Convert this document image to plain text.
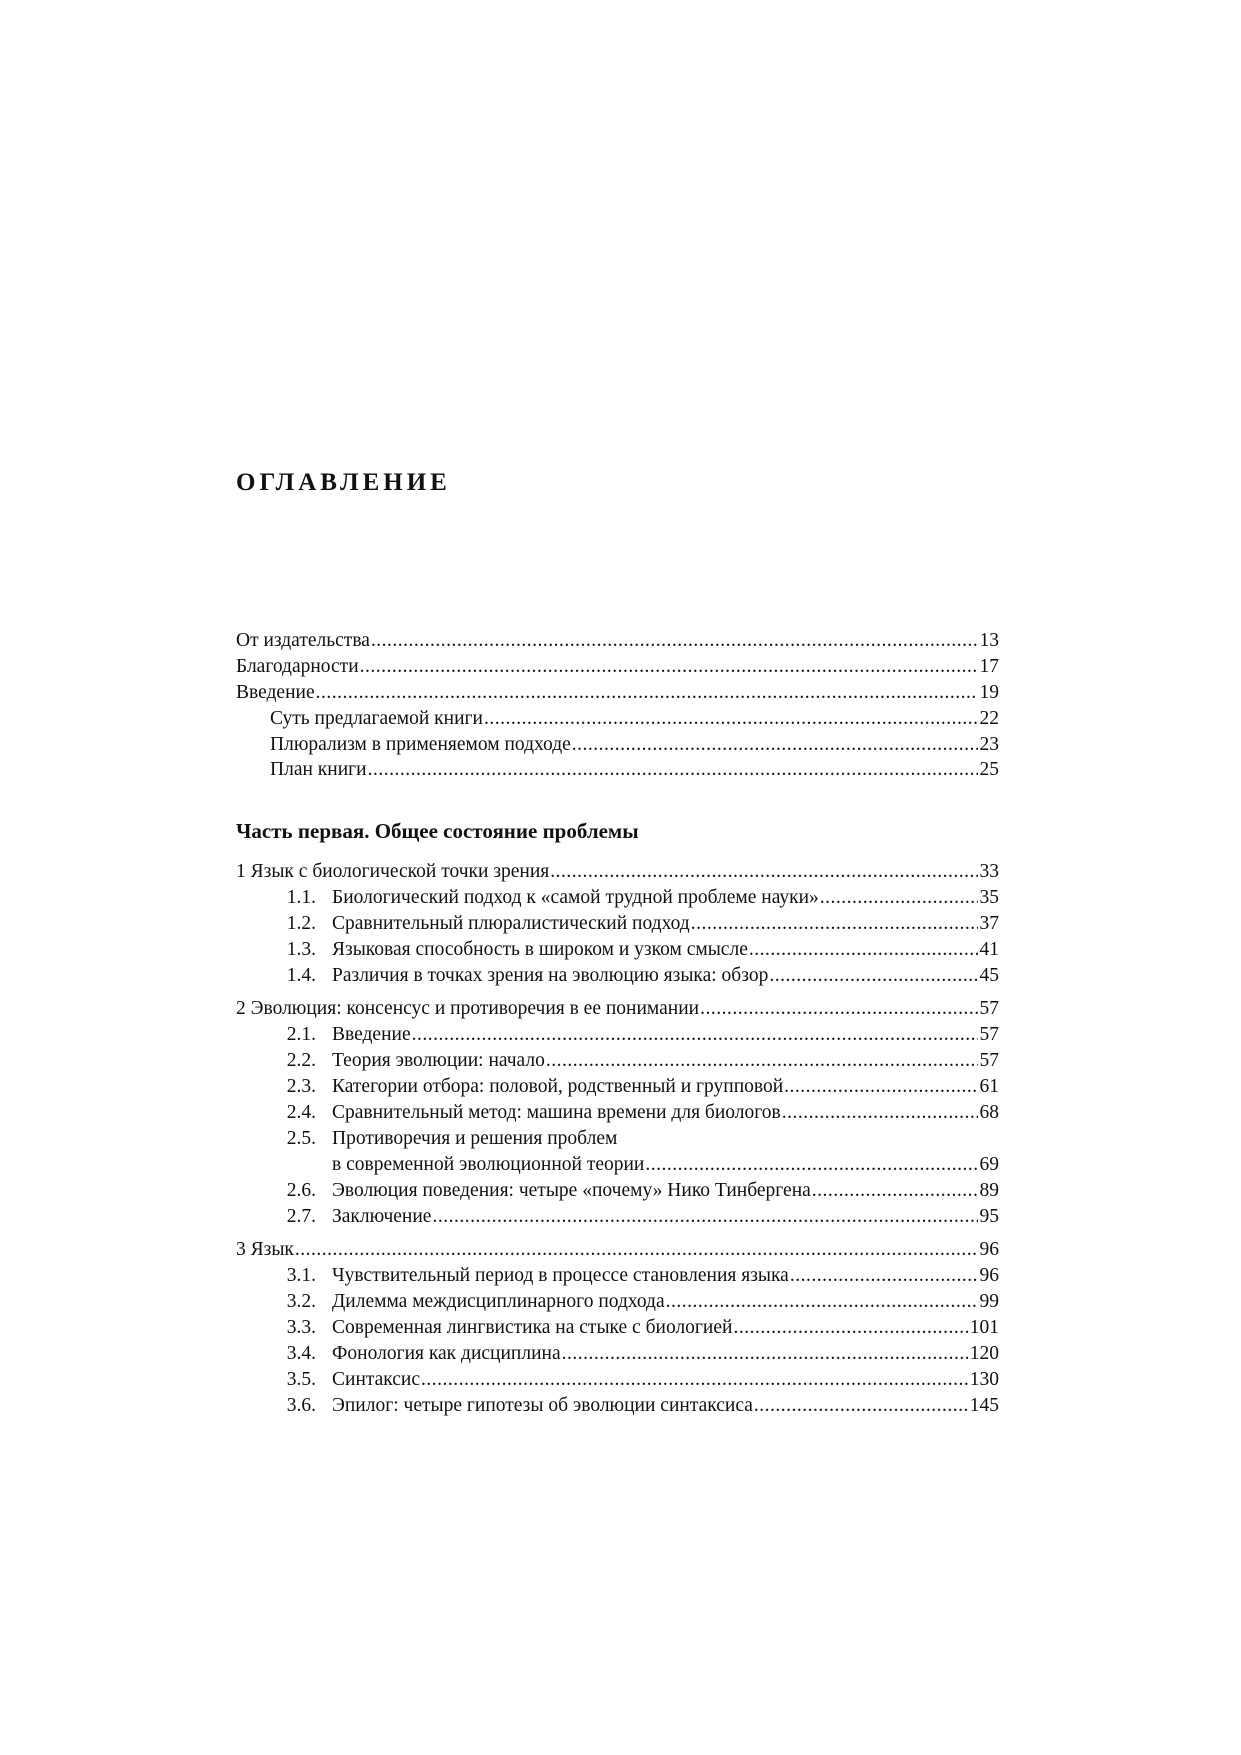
ОГЛАВЛЕНИЕ
От издательства .....	13
Благодарности .....	17
Введение .....	19
Суть предлагаемой книги .....	22
Плюрализм в применяемом подходе .....	23
План книги .....	25
Часть первая. Общее состояние проблемы
1 Язык с биологической точки зрения .....	33
1.1. Биологический подход к «самой трудной проблеме науки» .....	35
1.2. Сравнительный плюралистический подход .....	37
1.3. Языковая способность в широком и узком смысле .....	41
1.4. Различия в точках зрения на эволюцию языка: обзор .....	45
2 Эволюция: консенсус и противоречия в ее понимании .....	57
2.1. Введение .....	57
2.2. Теория эволюции: начало .....	57
2.3. Категории отбора: половой, родственный и групповой .....	61
2.4. Сравнительный метод: машина времени для биологов .....	68
2.5. Противоречия и решения проблем
в современной эволюционной теории .....	69
2.6. Эволюция поведения: четыре «почему» Нико Тинбергена .....	89
2.7. Заключение .....	95
3 Язык .....	96
3.1. Чувствительный период в процессе становления языка .....	96
3.2. Дилемма междисциплинарного подхода .....	99
3.3. Современная лингвистика на стыке с биологией .....	101
3.4. Фонология как дисциплина .....	120
3.5. Синтаксис .....	130
3.6. Эпилог: четыре гипотезы об эволюции синтаксиса .....	145
